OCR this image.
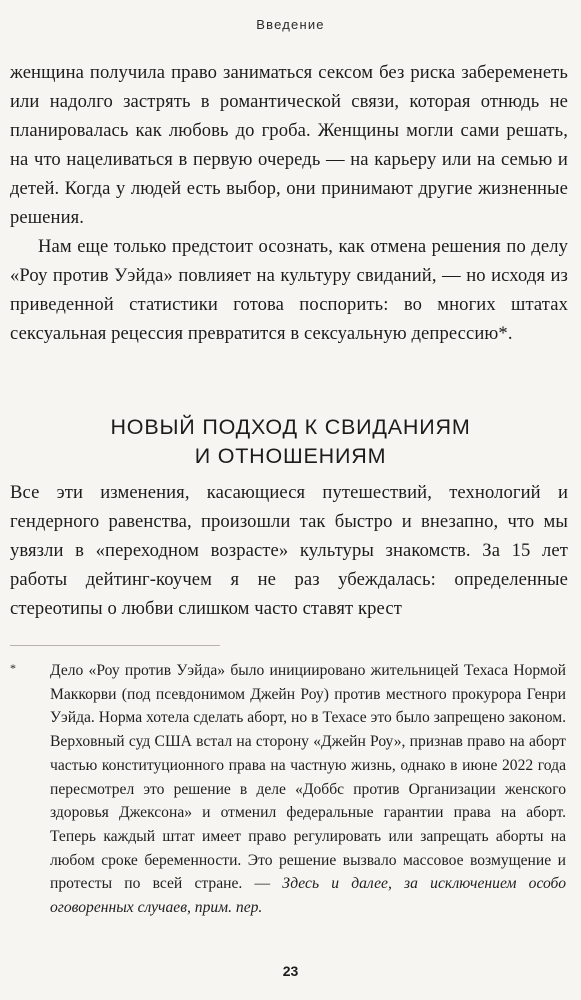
Введение

женщина получила право заниматься сексом без риска забеременеть или надолго застрять в романтической связи, которая отнюдь не планировалась как любовь до гроба. Женщины могли сами решать, на что нацеливаться в первую очередь — на карьеру или на семью и детей. Когда у людей есть выбор, они принимают другие жизненные решения.

Нам еще только предстоит осознать, как отмена решения по делу «Роу против Уэйда» повлияет на культуру свиданий, — но исходя из приведенной статистики готова поспорить: во многих штатах сексуальная рецессия превратится в сексуальную депрессию*.

НОВЫЙ ПОДХОД К СВИДАНИЯМ
И ОТНОШЕНИЯМ

Все эти изменения, касающиеся путешествий, технологий и гендерного равенства, произошли так быстро и внезапно, что мы увязли в «переходном возрасте» культуры знакомств. За 15 лет работы дейтинг-коучем я не раз убеждалась: определенные стереотипы о любви слишком часто ставят крест

* Дело «Роу против Уэйда» было инициировано жительницей Техаса Нормой Маккорви (под псевдонимом Джейн Роу) против местного прокурора Генри Уэйда. Норма хотела сделать аборт, но в Техасе это было запрещено законом. Верховный суд США встал на сторону «Джейн Роу», признав право на аборт частью конституционного права на частную жизнь, однако в июне 2022 года пересмотрел это решение в деле «Доббс против Организации женского здоровья Джексона» и отменил федеральные гарантии права на аборт. Теперь каждый штат имеет право регулировать или запрещать аборты на любом сроке беременности. Это решение вызвало массовое возмущение и протесты по всей стране. — Здесь и далее, за исключением особо оговоренных случаев, прим. пер.
23
